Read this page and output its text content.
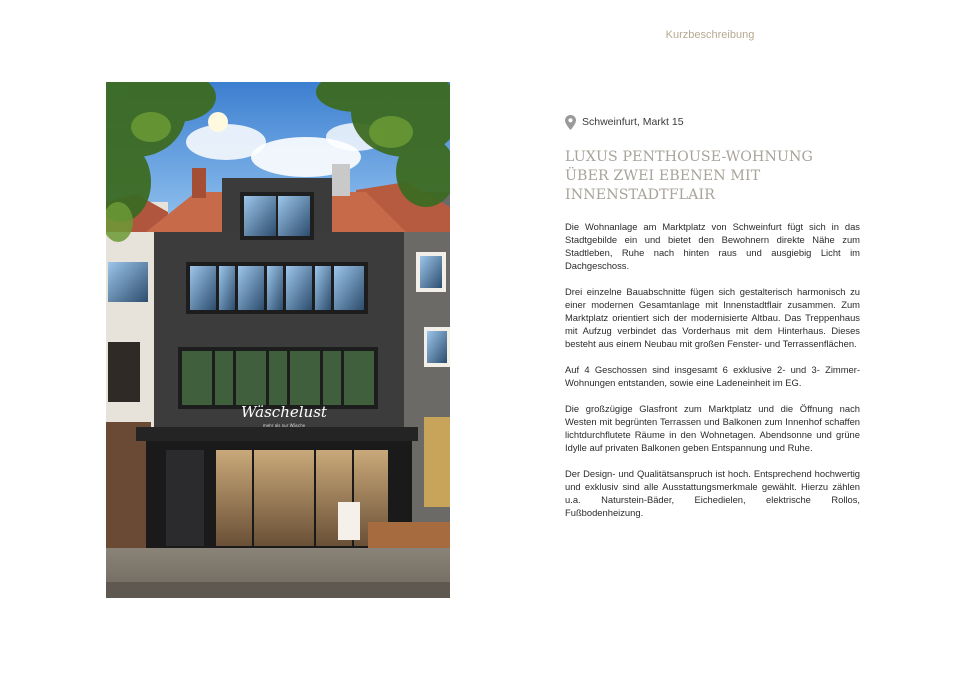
Kurzbeschreibung
Wäschelust
mehr als nur Wäsche
Schweinfurt, Markt 15
LUXUS PENTHOUSE-WOHNUNG ÜBER ZWEI EBENEN MIT INNENSTADTFLAIR

Die Wohnanlage am Marktplatz von Schweinfurt fügt sich in das Stadtgebilde ein und bietet den Bewohnern direkte Nähe zum Stadtleben, Ruhe nach hinten raus und ausgiebig Licht im Dachgeschoss.

Drei einzelne Bauabschnitte fügen sich gestalterisch harmonisch zu einer modernen Gesamtanlage mit Innenstadtflair zusammen. Zum Marktplatz orientiert sich der modernisierte Altbau. Das Treppenhaus mit Aufzug verbindet das Vorderhaus mit dem Hinterhaus. Dieses besteht aus einem Neubau mit großen Fenster- und Terrassenflächen.

Auf 4 Geschossen sind insgesamt 6 exklusive 2- und 3- Zimmer-Wohnungen entstanden, sowie eine Ladeneinheit im EG.

Die großzügige Glasfront zum Marktplatz und die Öffnung nach Westen mit begrünten Terrassen und Balkonen zum Innenhof schaffen lichtdurchflutete Räume in den Wohnetagen. Abendsonne und grüne Idylle auf privaten Balkonen geben Entspannung und Ruhe.

Der Design- und Qualitätsanspruch ist hoch. Entsprechend hochwertig und exklusiv sind alle Ausstattungsmerkmale gewählt. Hierzu zählen u.a. Naturstein-Bäder, Eichedielen, elektrische Rollos, Fußbodenheizung.
